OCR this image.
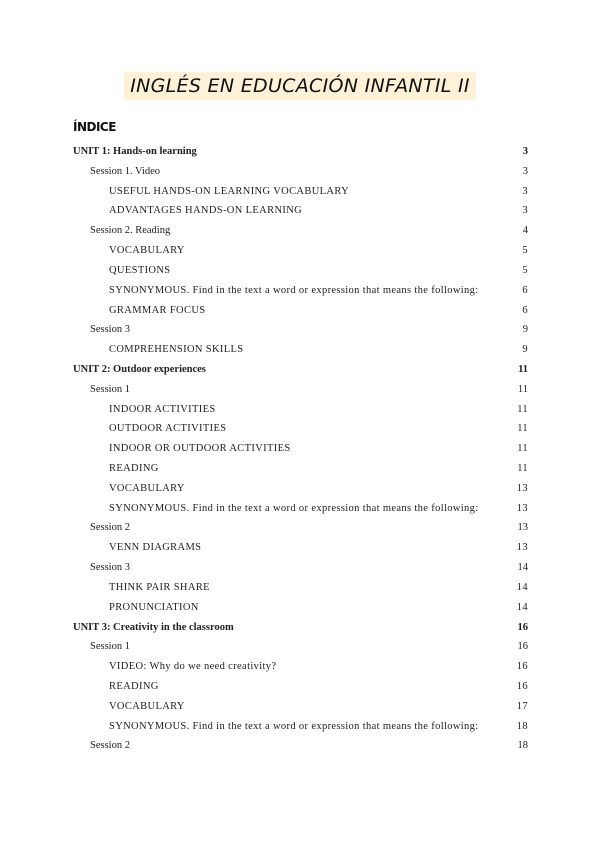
INGLÉS EN EDUCACIÓN INFANTIL II
ÍNDICE
UNIT 1: Hands-on learning	3
Session 1. Video	3
USEFUL HANDS-ON LEARNING VOCABULARY	3
ADVANTAGES HANDS-ON LEARNING	3
Session 2. Reading	4
VOCABULARY	5
QUESTIONS	5
SYNONYMOUS. Find in the text a word or expression that means the following:	6
GRAMMAR FOCUS	6
Session 3	9
COMPREHENSION SKILLS	9
UNIT 2: Outdoor experiences	11
Session 1	11
INDOOR ACTIVITIES	11
OUTDOOR ACTIVITIES	11
INDOOR OR OUTDOOR ACTIVITIES	11
READING	11
VOCABULARY	13
SYNONYMOUS. Find in the text a word or expression that means the following:	13
Session 2	13
VENN DIAGRAMS	13
Session 3	14
THINK PAIR SHARE	14
PRONUNCIATION	14
UNIT 3: Creativity in the classroom	16
Session 1	16
VIDEO: Why do we need creativity?	16
READING	16
VOCABULARY	17
SYNONYMOUS. Find in the text a word or expression that means the following:	18
Session 2	18
